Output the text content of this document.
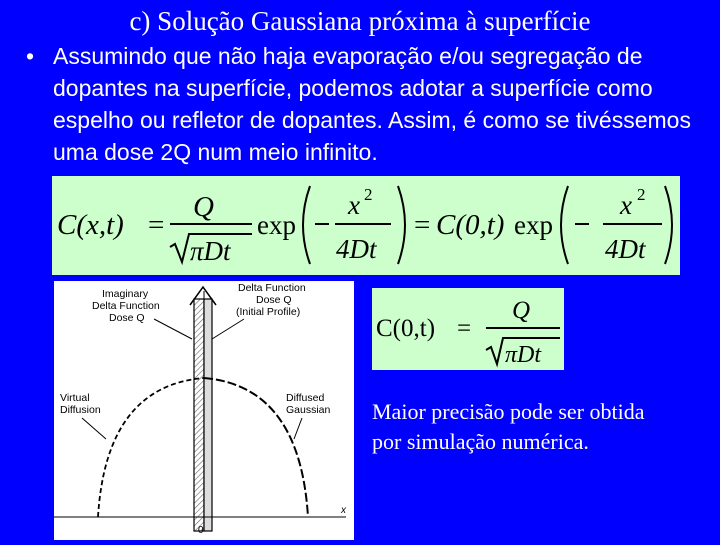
c) Solução Gaussiana próxima à superfície
• Assumindo que não haja evaporação e/ou segregação de dopantes na superfície, podemos adotar a superfície como espelho ou refletor de dopantes. Assim, é como se tivéssemos uma dose 2Q num meio infinito.
C(x,t) =
Q
πDt
exp
x 2
4Dt
= C(0,t) exp
x 2
4Dt
C(0,t) =
Q
πDt
0
x
Imaginary
Delta Function
Dose Q
Delta Function
Dose Q
(Initial Profile)
Virtual
Diffusion
Diffused
Gaussian Maior precisão pode ser obtida
por simulação numérica.
